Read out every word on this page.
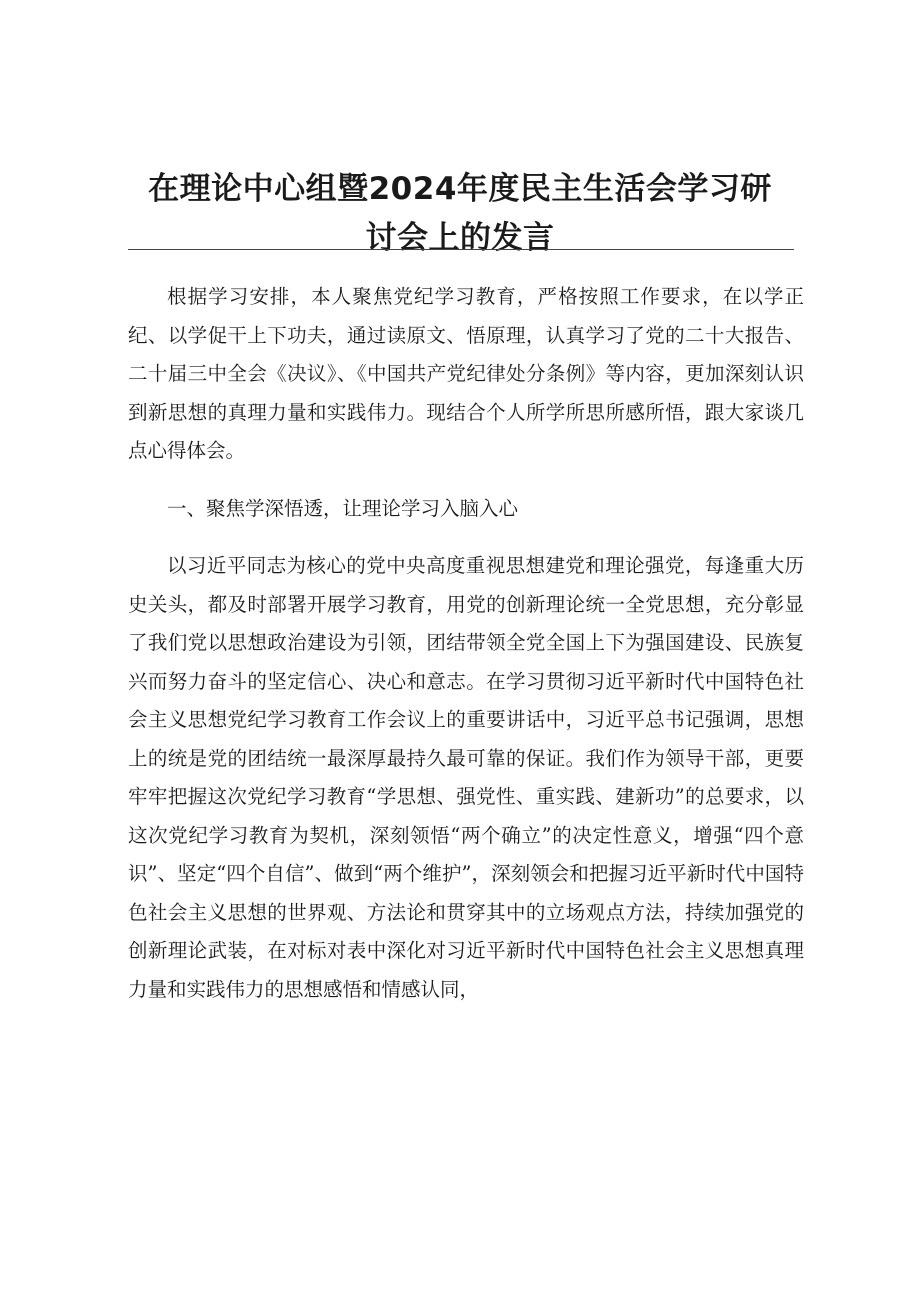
在理论中心组暨2024年度民主生活会学习研
讨会上的发言

根据学习安排，本人聚焦党纪学习教育，严格按照工作要求，在以学正纪、以学促干上下功夫，通过读原文、悟原理，认真学习了党的二十大报告、二十届三中全会《决议》、《中国共产党纪律处分条例》等内容，更加深刻认识到新思想的真理力量和实践伟力。现结合个人所学所思所感所悟，跟大家谈几点心得体会。

一、聚焦学深悟透，让理论学习入脑入心

以习近平同志为核心的党中央高度重视思想建党和理论强党，每逢重大历史关头，都及时部署开展学习教育，用党的创新理论统一全党思想，充分彰显了我们党以思想政治建设为引领，团结带领全党全国上下为强国建设、民族复兴而努力奋斗的坚定信心、决心和意志。在学习贯彻习近平新时代中国特色社会主义思想党纪学习教育工作会议上的重要讲话中，习近平总书记强调，思想上的统是党的团结统一最深厚最持久最可靠的保证。我们作为领导干部，更要牢牢把握这次党纪学习教育“学思想、强党性、重实践、建新功”的总要求，以这次党纪学习教育为契机，深刻领悟“两个确立”的决定性意义，增强“四个意识”、坚定“四个自信”、做到“两个维护”，深刻领会和把握习近平新时代中国特色社会主义思想的世界观、方法论和贯穿其中的立场观点方法，持续加强党的创新理论武装，在对标对表中深化对习近平新时代中国特色社会主义思想真理力量和实践伟力的思想感悟和情感认同，
